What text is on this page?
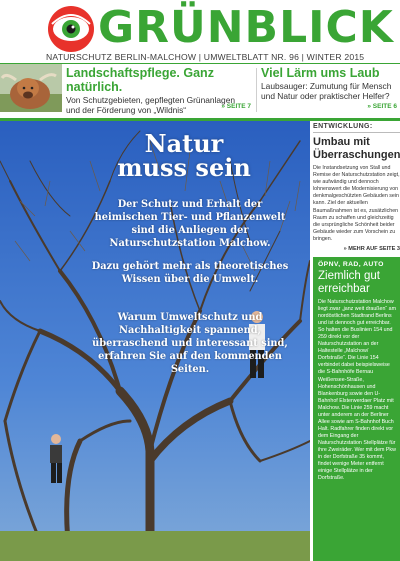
GRÜNBLICK
NATURSCHUTZ BERLIN-MALCHOW | UMWELTBLATT NR. 96 | WINTER 2015
Landschaftspflege. Ganz natürlich.

Von Schutzgebieten, gepflegten Grünanlagen und der Förderung von „Wildnis“	» SEITE 7
Viel Lärm ums Laub

Laubsauger: Zumutung für Mensch und Natur oder praktischer Helfer?

» SEITE 6
Natur
muss sein
Der Schutz und Erhalt der heimischen Tier- und Pflanzenwelt sind die Anliegen der Naturschutzstation Malchow.
Dazu gehört mehr als theoretisches Wissen über die Umwelt.
Warum Umweltschutz und Nachhaltigkeit spannend, überraschend und interessant sind, erfahren Sie auf den kommenden Seiten.
ENTWICKLUNG:
Umbau mit Überraschungen

Die Instandsetzung von Stall und Remise der Naturschutzstation zeigt, wie aufwändig und dennoch lohnenswert die Modernisierung von denkmalgeschützten Gebäuden sein kann. Ziel der aktuellen Baumaßnahmen ist es, zusätzlichen Raum zu schaffen und gleichzeitig die ursprüngliche Schönheit beider Gebäude wieder zum Vorschein zu bringen.

» MEHR AUF SEITE 3
ÖPNV, RAD, AUTO
Ziemlich gut erreichbar

Die Naturschutzstation Malchow liegt zwar „janz weit draußen“ am nordöstlichen Stadtrand Berlins und ist dennoch gut erreichbar. So halten die Buslinien 154 und 259 direkt vor der Naturschutzstation an der Haltestelle „Malchow/ Dorfstraße“. Die Linie 154 verbindet dabei beispielsweise die S-Bahnhöfe Bernau Weißensee-Straße, Hohenschönhausen und Blankenburg sowie den U-Bahnhof Elsterwerdaer Platz mit Malchow. Die Linie 259 macht unter anderem an der Berliner Allee sowie am S-Bahnhof Buch Halt. Radfahrer finden direkt vor dem Eingang der Naturschutzstation Stellplätze für ihre Zweiräder. Wer mit dem Pkw in der Dorfstraße 35 kommt, findet wenige Meter entfernt einige Stellplätze in der Dorfstraße.
